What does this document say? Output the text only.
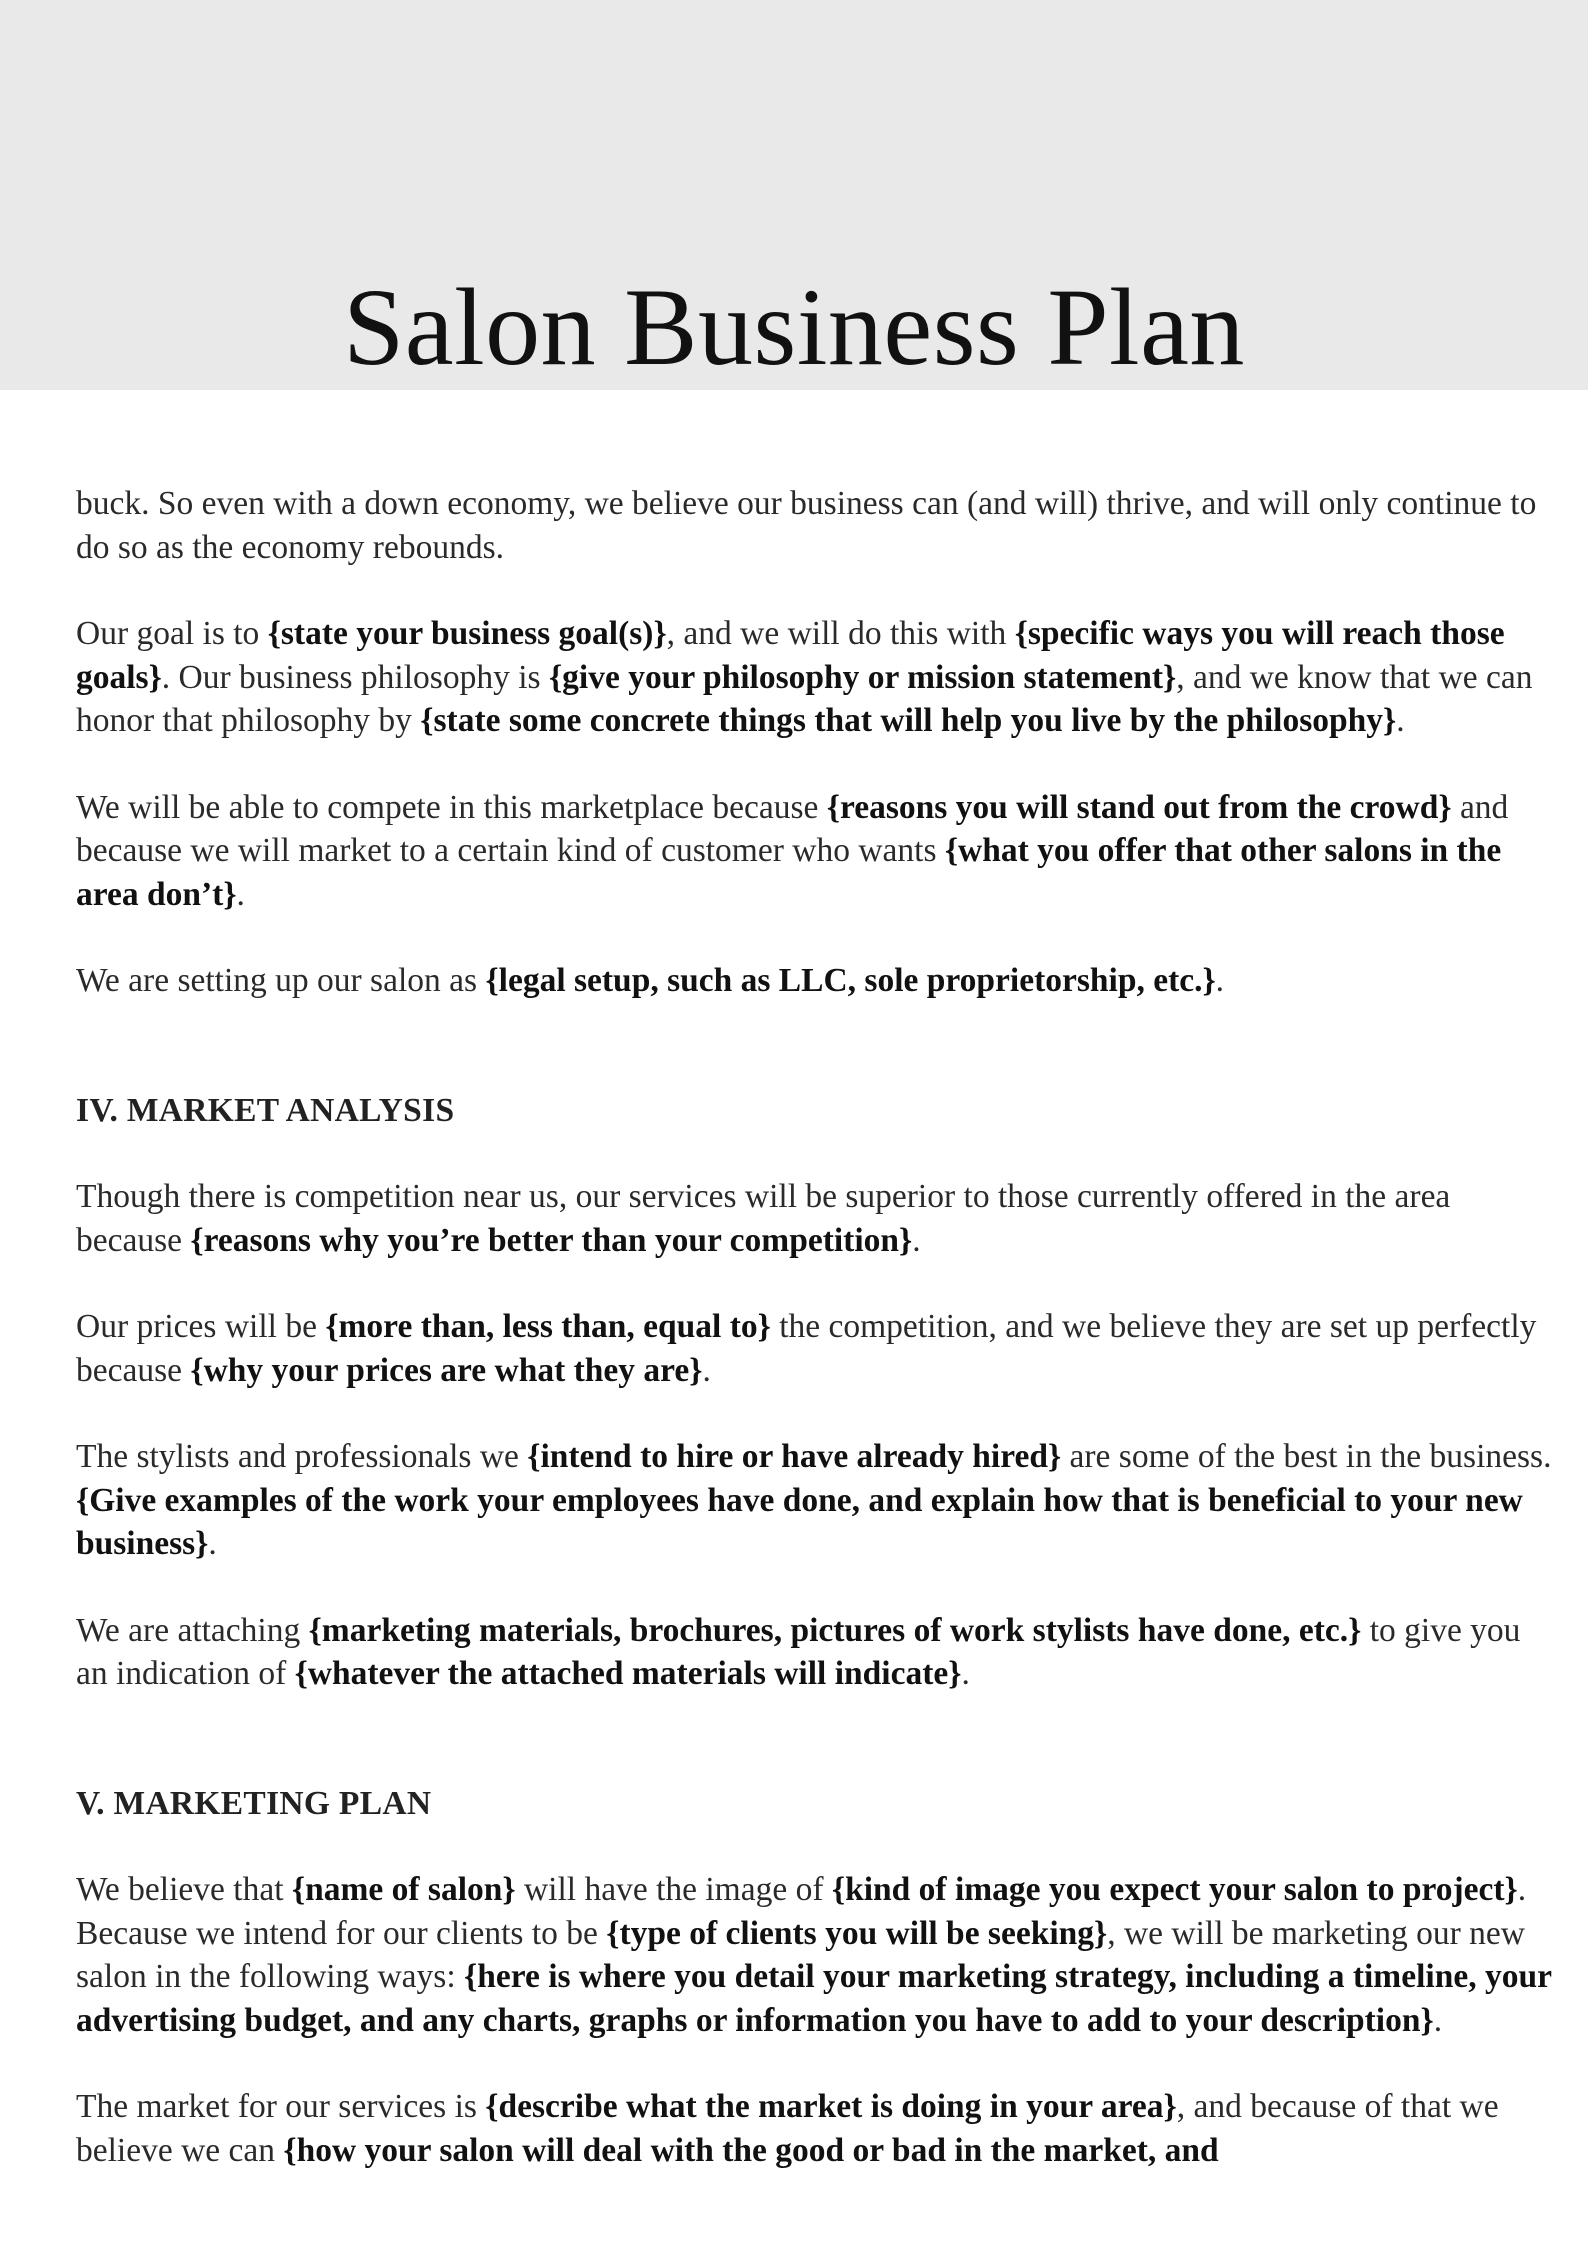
Salon Business Plan

buck. So even with a down economy, we believe our business can (and will) thrive, and will only continue to do so as the economy rebounds.

Our goal is to {state your business goal(s)}, and we will do this with {specific ways you will reach those goals}. Our business philosophy is {give your philosophy or mission statement}, and we know that we can honor that philosophy by {state some concrete things that will help you live by the philosophy}.

We will be able to compete in this marketplace because {reasons you will stand out from the crowd} and because we will market to a certain kind of customer who wants {what you offer that other salons in the area don’t}.

We are setting up our salon as {legal setup, such as LLC, sole proprietorship, etc.}.

IV. MARKET ANALYSIS

Though there is competition near us, our services will be superior to those currently offered in the area because {reasons why you’re better than your competition}.

Our prices will be {more than, less than, equal to} the competition, and we believe they are set up perfectly because {why your prices are what they are}.

The stylists and professionals we {intend to hire or have already hired} are some of the best in the business. {Give examples of the work your employees have done, and explain how that is beneficial to your new business}.

We are attaching {marketing materials, brochures, pictures of work stylists have done, etc.} to give you an indication of {whatever the attached materials will indicate}.

V. MARKETING PLAN

We believe that {name of salon} will have the image of {kind of image you expect your salon to project}. Because we intend for our clients to be {type of clients you will be seeking}, we will be marketing our new salon in the following ways: {here is where you detail your marketing strategy, including a timeline, your advertising budget, and any charts, graphs or information you have to add to your description}.

The market for our services is {describe what the market is doing in your area}, and because of that we believe we can {how your salon will deal with the good or bad in the market, and
